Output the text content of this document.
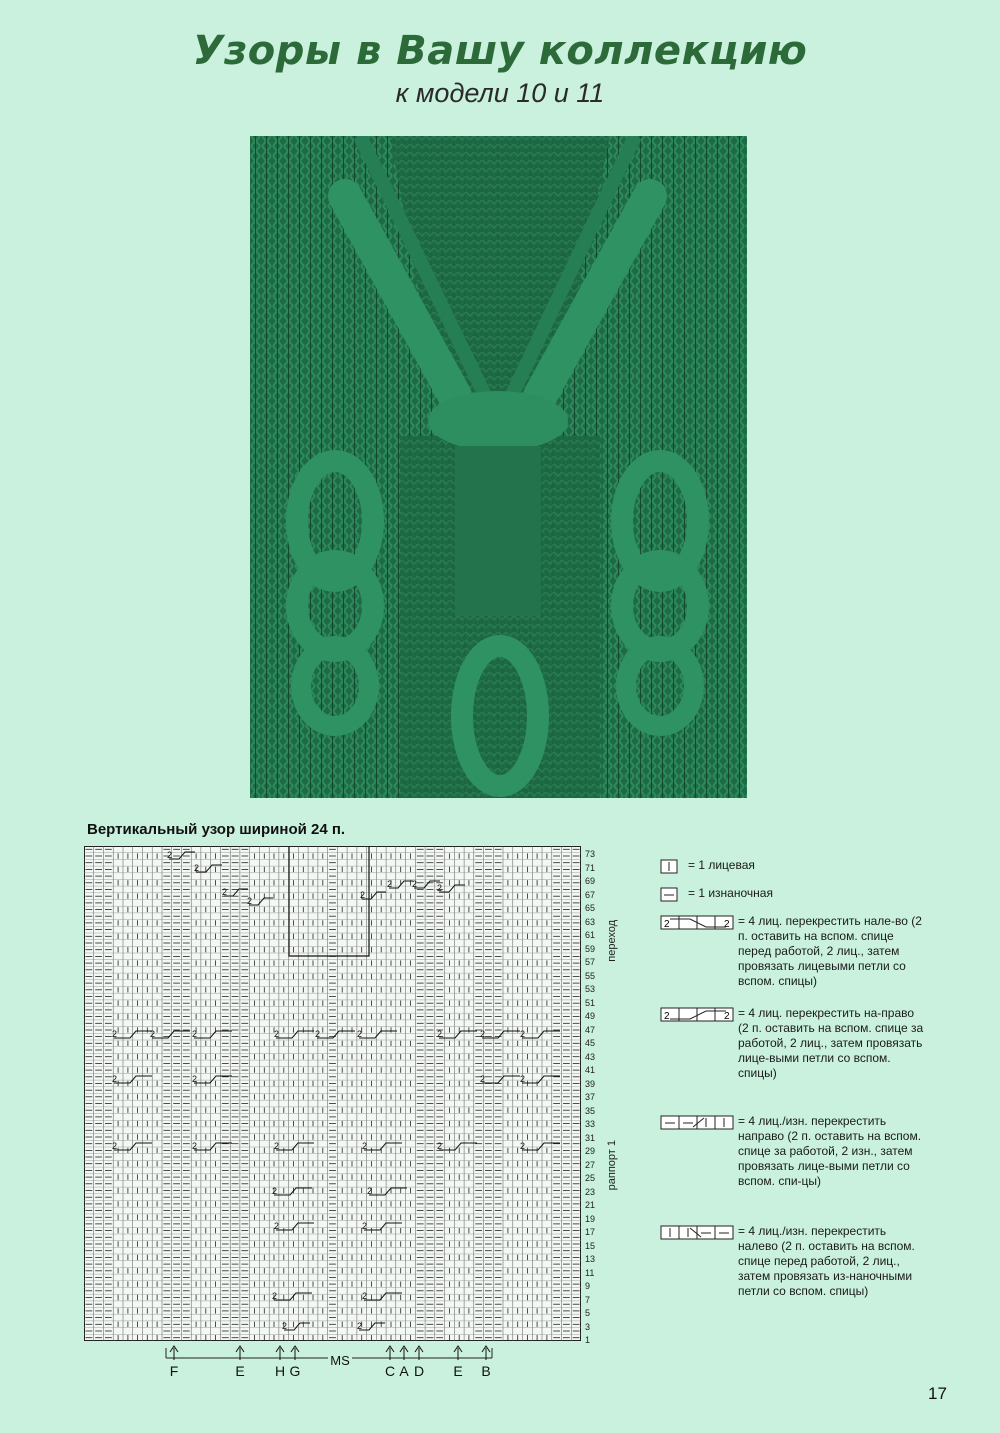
Узоры в Вашу коллекцию
к модели 10 и 11
Вертикальный узор шириной 24 п.
2
2
2
2
2
2
2
2
2	2	2	2	2	2	2	2	2
2	2	2	2
2	2	2	2	2	2
2	2
2	2
2	2
2	2
73
71
69
67
65
63
61
59
57
55
53
51
49
47
45
43
41
39
37
35
33
31
29
27
25
23
21
19
17
15
13
11
9
7
5
3
1
переход
раппорт 1
F	E H G	C A D E B
MS
= 1 лицевая
= 1 изнаночная
2	2 = 4 лиц. перекрестить нале-во (2 п. оставить на вспом. спице перед работой, 2 лиц., затем провязать лицевыми петли со вспом. спицы)
2	2 = 4 лиц. перекрестить на-право (2 п. оставить на вспом. спице за работой, 2 лиц., затем провязать лице-выми петли со вспом. спицы)
= 4 лиц./изн. перекрестить направо (2 п. оставить на вспом. спице за работой, 2 изн., затем провязать лице-выми петли со вспом. спи-цы)
= 4 лиц./изн. перекрестить налево (2 п. оставить на вспом. спице перед работой, 2 лиц., затем провязать из-наночными петли со вспом. спицы)
17
